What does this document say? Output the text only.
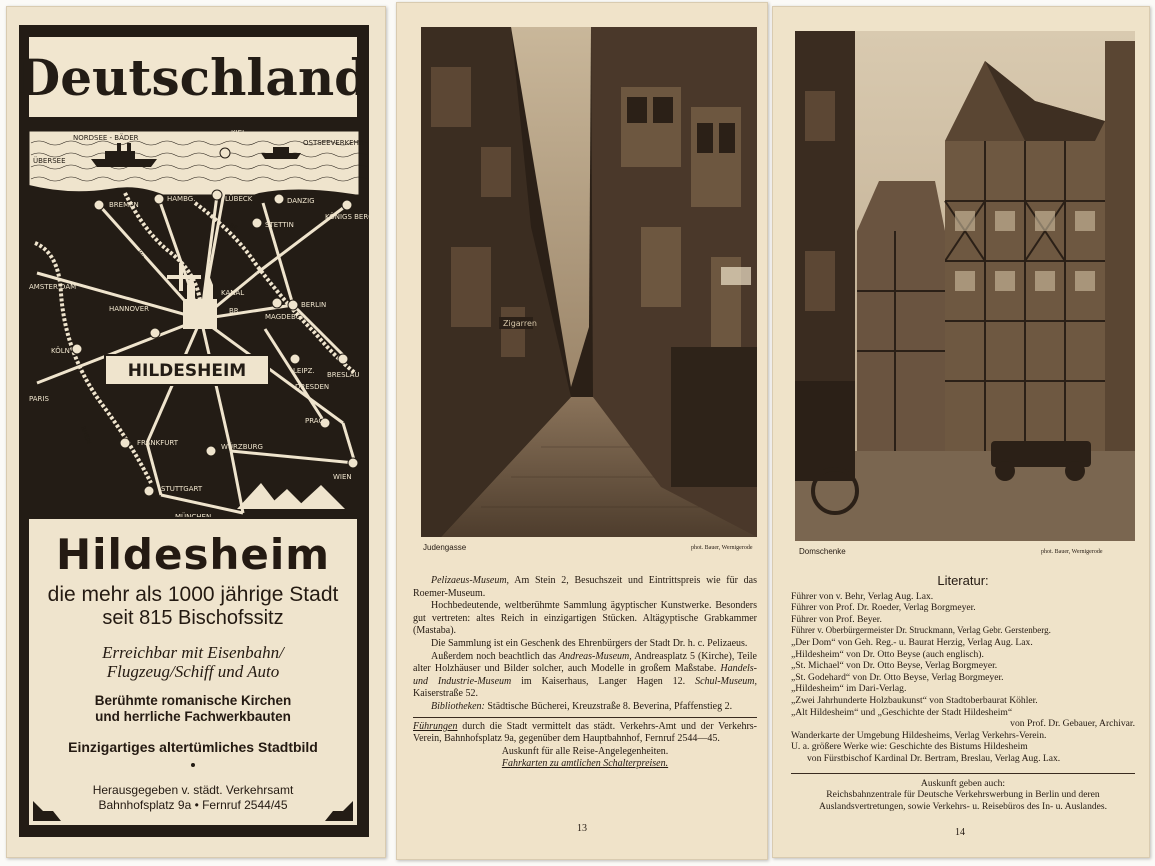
Deutschland
NORDSEE - BÄDER
OSTSEEVERKEHR
ÜBERSEE
KIEL
BREMEN
HAMBG.	LÜBECK	DANZIG
KÖNIGS BERG
STETTIN
AMSTER DAM
HANNOVER
KANAL
BR.
MAGDEBG.
BERLIN
KÖLN
LEIPZ. BRESLAU
DRESDEN
PARIS
FRANKFURT	WÜRZBURG
PRAG
STUTTGART
WIEN
RHEIN
ELBE
WESER
HILDESHEIM
Hildesheim
die mehr als 1000 jährige Stadt
seit 815 Bischofssitz
Erreichbar mit Eisenbahn/
Flugzeug/Schiff und Auto
Berühmte romanische Kirchen
und herrliche Fachwerkbauten
Einzigartiges altertümliches Stadtbild
Herausgegeben v. städt. Verkehrsamt
Bahnhofsplatz 9a • Fernruf 2544/45
Zigarren
Judengasse	phot. Bauer, Wernigerode

Pelizaeus-Museum, Am Stein 2, Besuchszeit und Eintrittspreis wie für das Roemer-Museum.

Hochbedeutende, weltberühmte Sammlung ägyptischer Kunstwerke. Besonders gut vertreten: altes Reich in einzigartigen Stücken. Altägyptische Grabkammer (Mastaba).

Die Sammlung ist ein Geschenk des Ehrenbürgers der Stadt Dr. h. c. Pelizaeus.

Außerdem noch beachtlich das Andreas-Museum, Andreasplatz 5 (Kirche), Teile alter Holzhäuser und Bilder solcher, auch Modelle in großem Maßstabe. Handels- und Industrie-Museum im Kaiserhaus, Langer Hagen 12. Schul-Museum, Kaiserstraße 52.

Bibliotheken: Städtische Bücherei, Kreuzstraße 8. Beverina, Pfaffenstieg 2.

Führungen durch die Stadt vermittelt das städt. Verkehrs-Amt und der Verkehrs-Verein, Bahnhofsplatz 9a, gegenüber dem Hauptbahnhof, Fernruf 2544—45.

Auskunft für alle Reise-Angelegenheiten.

Fahrkarten zu amtlichen Schalterpreisen.

13
Domschenke	phot. Bauer, Wernigerode
Literatur:
Führer von v. Behr, Verlag Aug. Lax.
Führer von Prof. Dr. Roeder, Verlag Borgmeyer.
Führer von Prof. Beyer.
Führer v. Oberbürgermeister Dr. Struckmann, Verlag Gebr. Gerstenberg.
„Der Dom“ von Geh. Reg.- u. Baurat Herzig, Verlag Aug. Lax.
„Hildesheim“ von Dr. Otto Beyse (auch englisch).
„St. Michael“ von Dr. Otto Beyse, Verlag Borgmeyer.
„St. Godehard“ von Dr. Otto Beyse, Verlag Borgmeyer.
„Hildesheim“ im Dari-Verlag.
„Zwei Jahrhunderte Holzbaukunst“ von Stadtoberbaurat Köhler.
„Alt Hildesheim“ und „Geschichte der Stadt Hildesheim“
von Prof. Dr. Gebauer, Archivar.
Wanderkarte der Umgebung Hildesheims, Verlag Verkehrs-Verein.
U. a. größere Werke wie: Geschichte des Bistums Hildesheim
von Fürstbischof Kardinal Dr. Bertram, Breslau, Verlag Aug. Lax.

Auskunft geben auch:

Reichsbahnzentrale für Deutsche Verkehrswerbung in Berlin und deren Auslandsvertretungen, sowie Verkehrs- u. Reisebüros des In- u. Auslandes.

14
